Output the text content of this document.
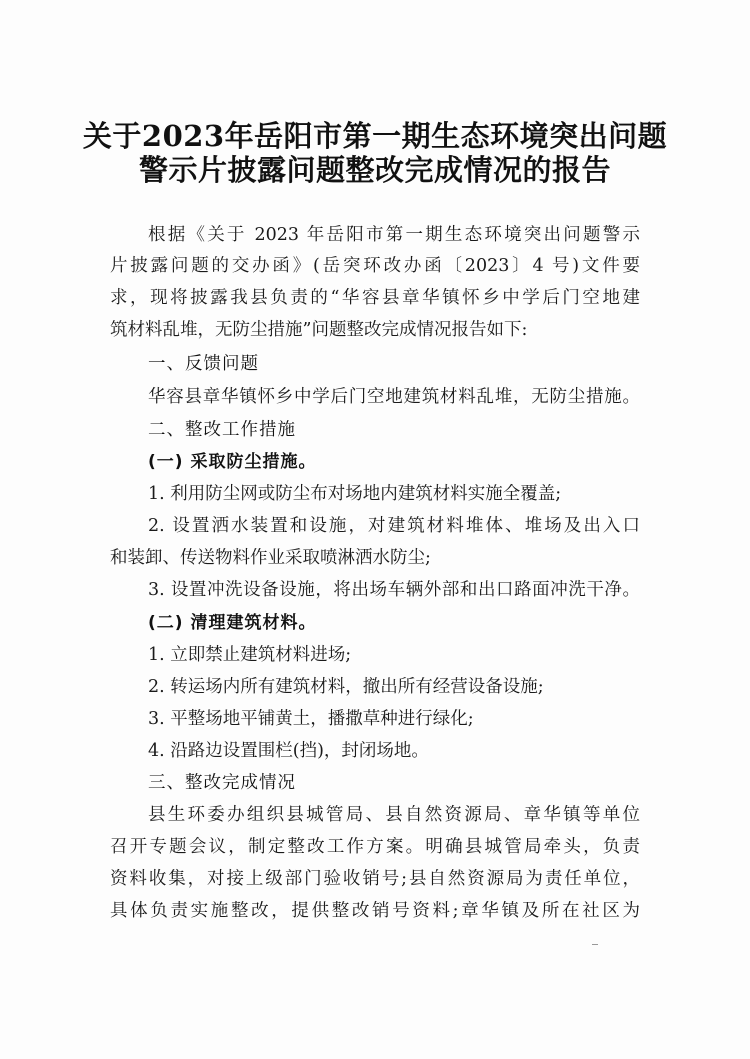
关于2023年岳阳市第一期生态环境突出问题
警示片披露问题整改完成情况的报告
根据《关于 2023 年岳阳市第一期生态环境突出问题警示
片披露问题的交办函》(岳突环改办函〔2023〕4 号)文件要
求，现将披露我县负责的“华容县章华镇怀乡中学后门空地建
筑材料乱堆，无防尘措施”问题整改完成情况报告如下:
一、反馈问题
华容县章华镇怀乡中学后门空地建筑材料乱堆，无防尘措施。
二、整改工作措施
(一) 采取防尘措施。
1. 利用防尘网或防尘布对场地内建筑材料实施全覆盖;
2. 设置洒水装置和设施，对建筑材料堆体、堆场及出入口
和装卸、传送物料作业采取喷淋洒水防尘;
3. 设置冲洗设备设施，将出场车辆外部和出口路面冲洗干净。
(二) 清理建筑材料。
1. 立即禁止建筑材料进场;
2. 转运场内所有建筑材料，撤出所有经营设备设施;
3. 平整场地平铺黄土，播撒草种进行绿化;
4. 沿路边设置围栏(挡)，封闭场地。
三、整改完成情况
县生环委办组织县城管局、县自然资源局、章华镇等单位
召开专题会议，制定整改工作方案。明确县城管局牵头，负责
资料收集，对接上级部门验收销号;县自然资源局为责任单位，
具体负责实施整改，提供整改销号资料;章华镇及所在社区为
